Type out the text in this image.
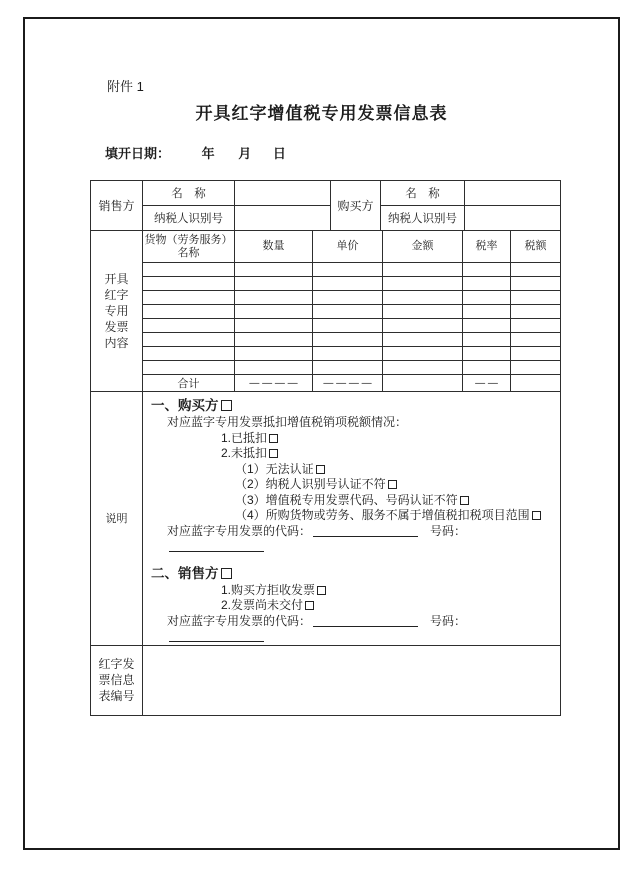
附件 1
开具红字增值税专用发票信息表
填开日期： 年 月 日
销售方	名　称		购买方	名　称	
	纳税人识别号			纳税人识别号	
开具红字专用发票内容	货物（劳务服务）名称	数量	单价	金额	税率	税额

	合计	— — — —	— — — —		— —	
说明	
一、购买方
对应蓝字专用发票抵扣增值税销项税额情况：
1.已抵扣
2.未抵扣
（1）无法认证
（2）纳税人识别号认证不符
（3）增值税专用发票代码、号码认证不符
（4）所购货物或劳务、服务不属于增值税扣税项目范围
对应蓝字专用发票的代码：	号码：
二、销售方
1.购买方拒收发票
2.发票尚未交付
对应蓝字专用发票的代码：	号码：
红字发票信息表编号	
